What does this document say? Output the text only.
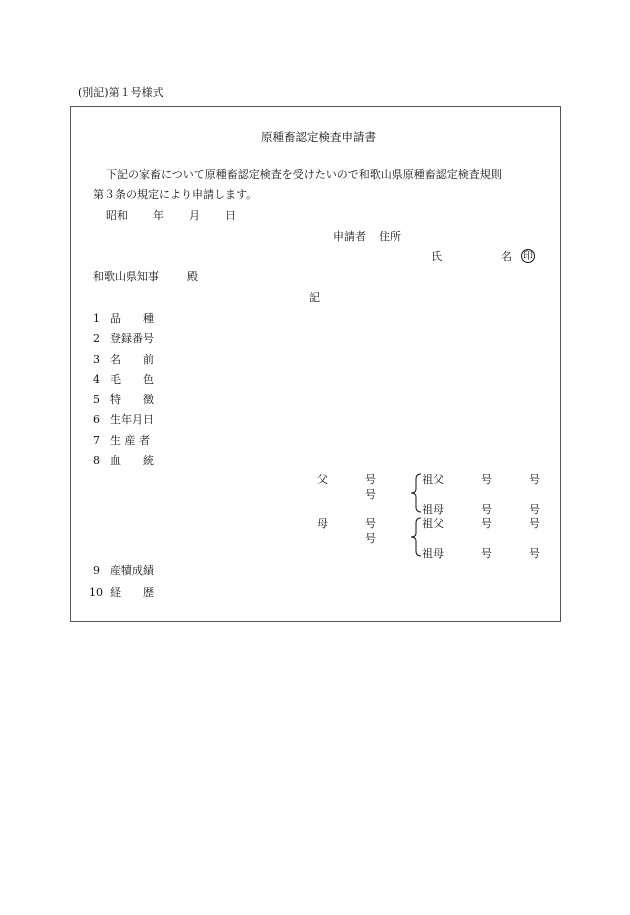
(別記)第１号様式
原種畜認定検査申請書
下記の家畜について原種畜認定検査を受けたいので和歌山県原種畜認定検査規則
第３条の規定により申請します。
昭和 年 月 日
申請者 住所
氏	名 印
和歌山県知事	殿
記
1 品　　種
2 登録番号
3 名　　前
4 毛　　色
5 特　　徴
6 生年月日
7 生 産 者
8 血　　統
父	号
号
祖父	号	号
祖母	号	号
母	号
号
祖父	号	号
祖母	号	号
9 産犢成績
10 経　　歴
